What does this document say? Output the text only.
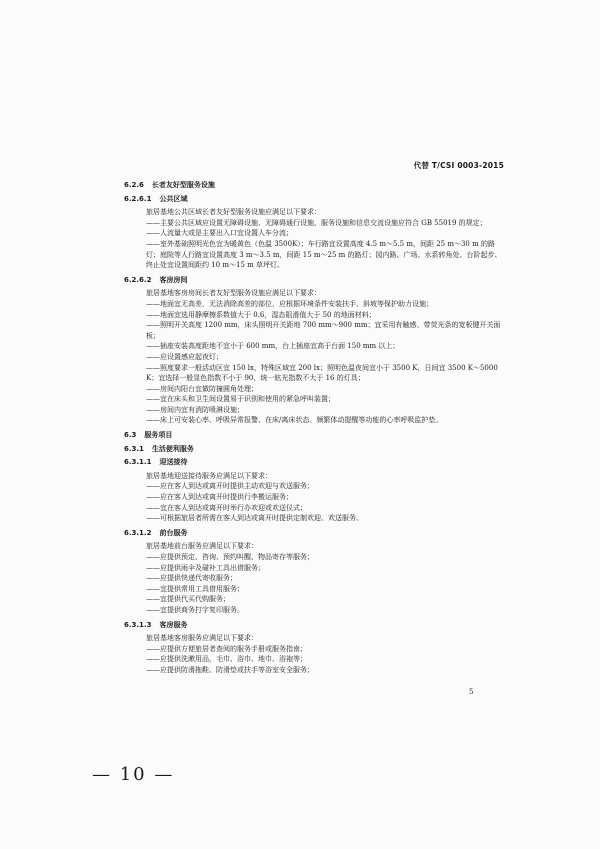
代替 T/CSI 0003-2015
6.2.6 长者友好型服务设施
6.2.6.1 公共区域
旅居基地公共区域长者友好型服务设施应满足以下要求：
——主要公共区域应设置无障碍设施、无障碍通行设施、服务设施和信息交流设施应符合 GB 55019 的规定；
——人流量大或是主要出入口宜设置人车分流；
——室外基础照明光色宜为暖黄色（色温 3500K）；车行路宜设置高度 4.5 m～5.5 m，间距 25 m～30 m 的路灯；庭院等人行路宜设置高度 3 m～3.5 m，间距 15 m～25 m 的路灯；园内路、广场、水系转角处、台阶起步、终止处宜设置间距约 10 m～15 m 草坪灯。
6.2.6.2 客房房间
旅居基地客房房间长者友好型服务设施应满足以下要求：
——地面宜无高差，无法消除高差的部位，应根据环境条件安装扶手、斜坡等保护助力设施；
——地面宜选用静摩擦系数值大于 0.6，湿态阻滑值大于 50 的地面材料；
——照明开关高度 1200 mm，床头照明开关距地 700 mm～900 mm；宜采用有触感、带荧光条的宽板键开关面板；
——插座安装高度距地不宜小于 600 mm，台上插座宜高于台面 150 mm 以上；
——应设置感应起夜灯；
——照度要求一般活动区宜 150 lx，特殊区域宜 200 lx；照明色温夜间宜小于 3500 K，日间宜 3500 K～5000 K；宜选择一般显色指数不小于 90、统一眩光指数不大于 16 的灯具；
——房间内阳台宜做防撞圆角处理；
——宜在床头和卫生间设置易于识别和使用的紧急呼叫装置；
——房间内宜有消防喷淋设施；
——床上可安装心率、呼吸异常报警、在床/离床状态、频繁体动提醒等功能的心率呼吸监护垫。
6.3 服务项目
6.3.1 生活便利服务
6.3.1.1 迎送接待
旅居基地迎送接待服务应满足以下要求：
——应在客人到达或离开时提供主动欢迎与欢送服务；
——应在客人到达或离开时提供行李搬运服务；
——宜在客人到达或离开时举行办欢迎或欢送仪式；
——可根据旅居者所需在客人到达或离开时提供定制欢迎、欢送服务。
6.3.1.2 前台服务
旅居基地前台服务应满足以下要求：
——应提供预定、咨询、预约叫醒、物品寄存等服务；
——应提供雨伞及碰补工具出借服务；
——应提供快递代寄收服务；
——宜提供常用工具借用服务；
——宜提供代买代购服务；
——宜提供商务打字复印服务。
6.3.1.3 客房服务
旅居基地客房服务应满足以下要求：
——应提供方便旅居者查阅的服务手册或服务指南；
——应提供洗漱用品，毛巾、浴巾、地巾、浴袍等；
——应提供防滑拖鞋、防滑垫或扶手等浴室安全服务；
5
— 10 —
